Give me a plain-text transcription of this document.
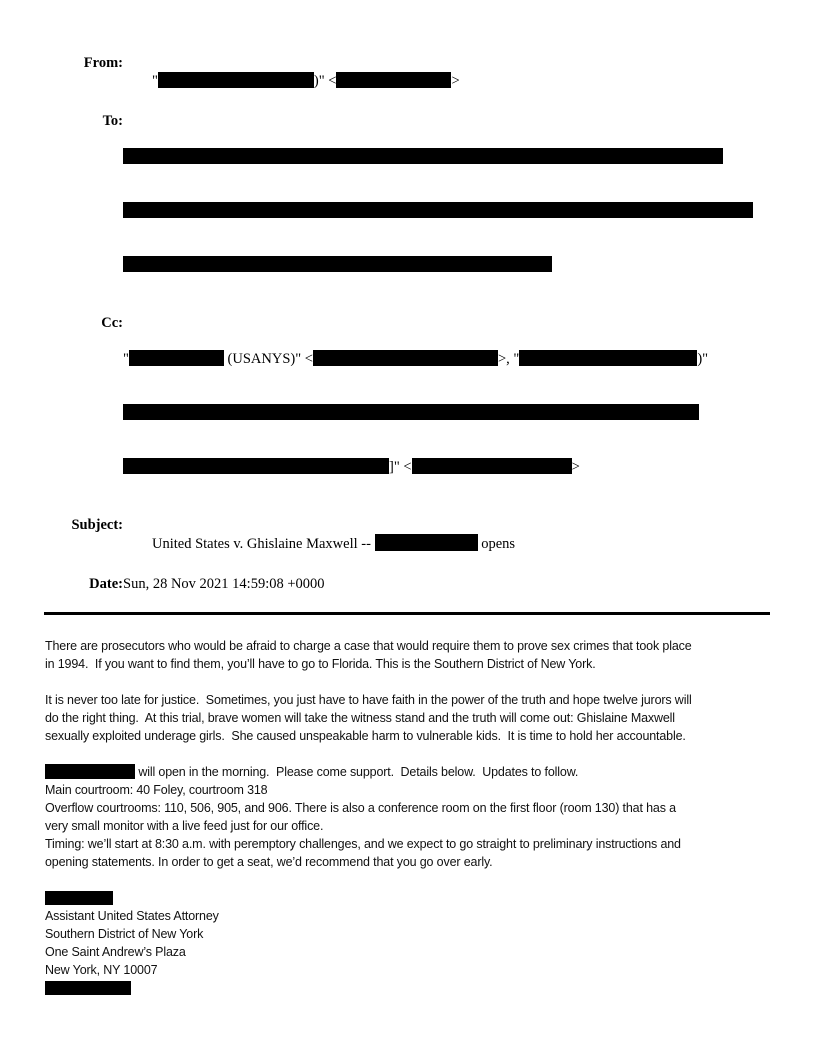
From:

"	)" <	>

To:

Cc:

"	(USANYS)" <	>, "	)"

]" <	>

Subject:

United States v. Ghislaine Maxwell --	opens

Date: Sun, 28 Nov 2021 14:59:08 +0000
There are prosecutors who would be afraid to charge a case that would require them to prove sex crimes that took place
in 1994.  If you want to find them, you’ll have to go to Florida. This is the Southern District of New York.
It is never too late for justice.  Sometimes, you just have to have faith in the power of the truth and hope twelve jurors will
do the right thing.  At this trial, brave women will take the witness stand and the truth will come out: Ghislaine Maxwell
sexually exploited underage girls.  She caused unspeakable harm to vulnerable kids.  It is time to hold her accountable.
will open in the morning.  Please come support.  Details below.  Updates to follow.
Main courtroom: 40 Foley, courtroom 318
Overflow courtrooms: 110, 506, 905, and 906. There is also a conference room on the first floor (room 130) that has a
very small monitor with a live feed just for our office.
Timing: we’ll start at 8:30 a.m. with peremptory challenges, and we expect to go straight to preliminary instructions and
opening statements. In order to get a seat, we’d recommend that you go over early.
Assistant United States Attorney
Southern District of New York
One Saint Andrew’s Plaza
New York, NY 10007
